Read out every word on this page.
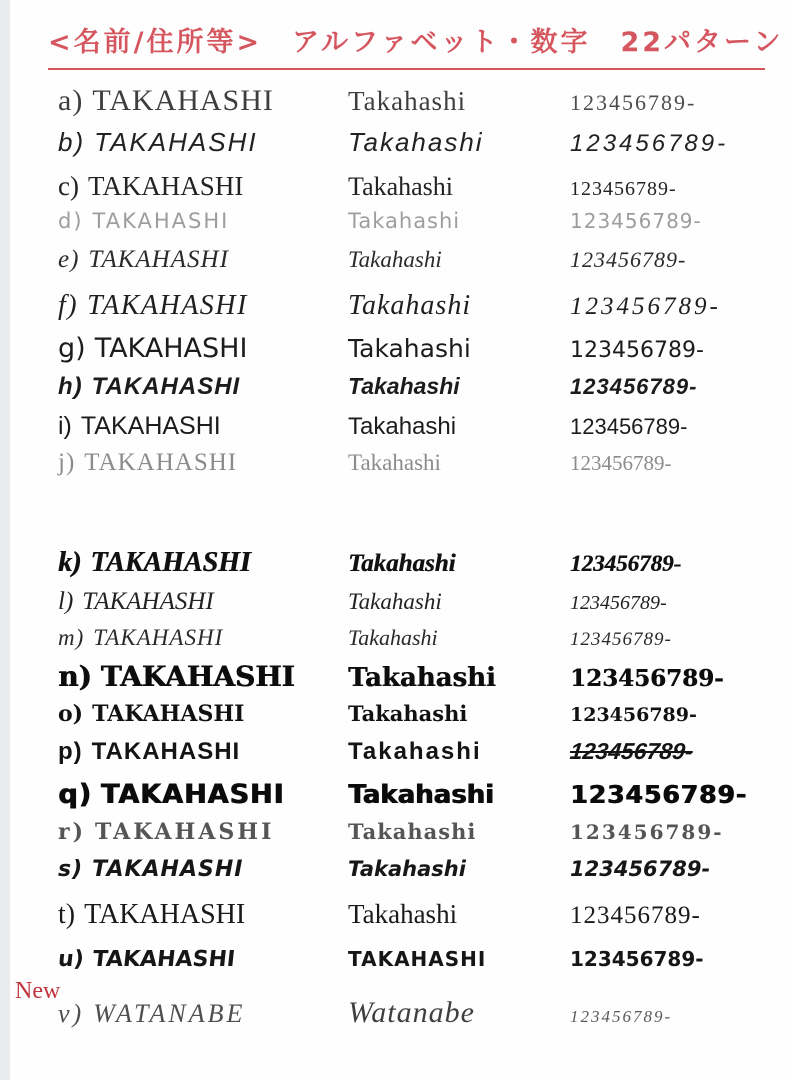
<名前/住所等>　アルファベット・数字　22パターン
a) TAKAHASHI	Takahashi	123456789-
b) TAKAHASHI	Takahashi	123456789-
c) TAKAHASHI	Takahashi	123456789-
d) TAKAHASHI	Takahashi	123456789-
e) TAKAHASHI	Takahashi	123456789-
f) TAKAHASHI	Takahashi	123456789-
g) TAKAHASHI	Takahashi	123456789-
h) TAKAHASHI	Takahashi	123456789-
i) TAKAHASHI	Takahashi	123456789-
j) TAKAHASHI	Takahashi	123456789-
k) TAKAHASHI	Takahashi	123456789-
l) TAKAHASHI	Takahashi	123456789-
m) TAKAHASHI	Takahashi	123456789-
n) TAKAHASHI	Takahashi	123456789-
o) TAKAHASHI	Takahashi	123456789-
p) TAKAHASHI	Takahashi	123456789-
q) TAKAHASHI	Takahashi	123456789-
r) TAKAHASHI	Takahashi	123456789-
s) TAKAHASHI	Takahashi	123456789-
t) TAKAHASHI	Takahashi	123456789-
u) TAKAHASHI	TAKAHASHI	123456789-
New
v) WATANABE	Watanabe	123456789-
